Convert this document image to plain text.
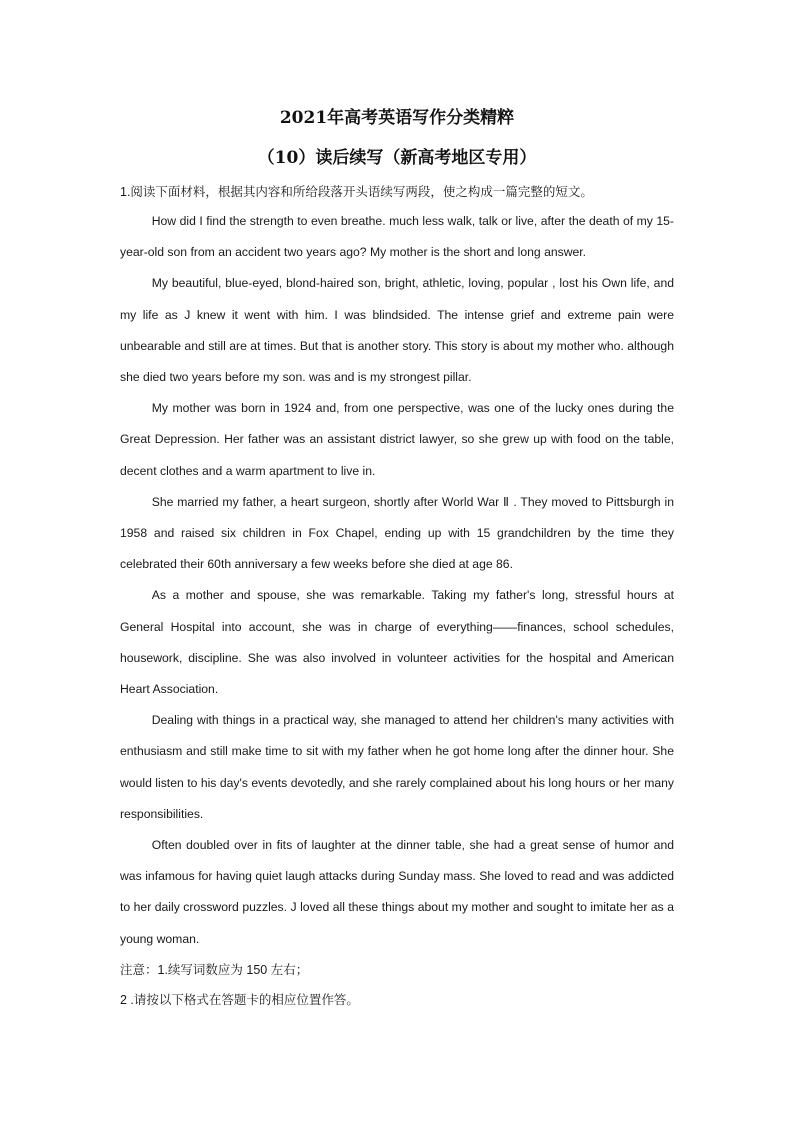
2021年高考英语写作分类精粹
（10）读后续写（新高考地区专用）

1.阅读下面材料，根据其内容和所给段落开头语续写两段，使之构成一篇完整的短文。

How did I find the strength to even breathe. much less walk, talk or live, after the death of my 15-year-old son from an accident two years ago? My mother is the short and long answer.

My beautiful, blue-eyed, blond-haired son, bright, athletic, loving, popular , lost his Own life, and my life as J knew it went with him. I was blindsided. The intense grief and extreme pain were unbearable and still are at times. But that is another story. This story is about my mother who. although she died two years before my son. was and is my strongest pillar.

My mother was born in 1924 and, from one perspective, was one of the lucky ones during the Great Depression. Her father was an assistant district lawyer, so she grew up with food on the table, decent clothes and a warm apartment to live in.

She married my father, a heart surgeon, shortly after World War Ⅱ . They moved to Pittsburgh in 1958 and raised six children in Fox Chapel, ending up with 15 grandchildren by the time they celebrated their 60th anniversary a few weeks before she died at age 86.

As a mother and spouse, she was remarkable. Taking my father's long, stressful hours at General Hospital into account, she was in charge of everything——finances, school schedules, housework, discipline. She was also involved in volunteer activities for the hospital and American Heart Association.

Dealing with things in a practical way, she managed to attend her children's many activities with enthusiasm and still make time to sit with my father when he got home long after the dinner hour. She would listen to his day's events devotedly, and she rarely complained about his long hours or her many responsibilities.

Often doubled over in fits of laughter at the dinner table, she had a great sense of humor and was infamous for having quiet laugh attacks during Sunday mass. She loved to read and was addicted to her daily crossword puzzles. J loved all these things about my mother and sought to imitate her as a young woman.

注意：1.续写词数应为 150 左右；

2 .请按以下格式在答题卡的相应位置作答。
